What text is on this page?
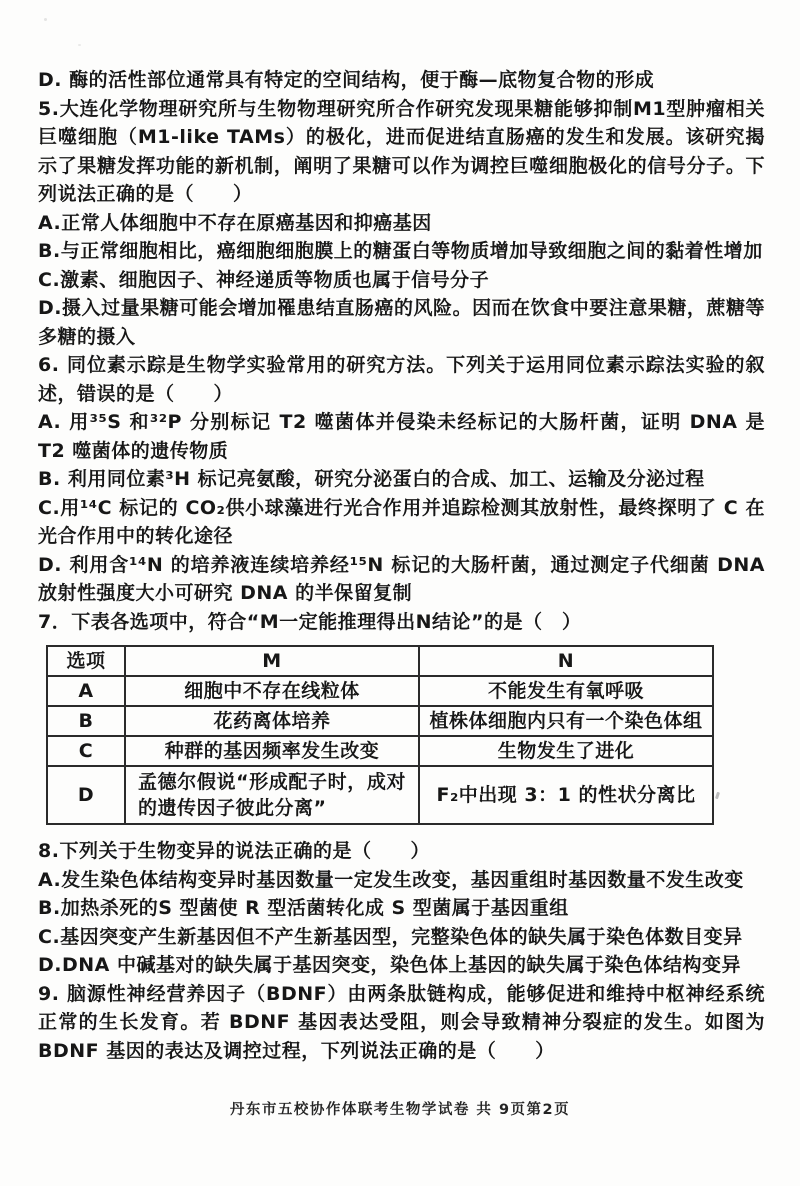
D. 酶的活性部位通常具有特定的空间结构，便于酶—底物复合物的形成

5.大连化学物理研究所与生物物理研究所合作研究发现果糖能够抑制M1型肿瘤相关巨噬细胞（M1-like TAMs）的极化，进而促进结直肠癌的发生和发展。该研究揭示了果糖发挥功能的新机制，阐明了果糖可以作为调控巨噬细胞极化的信号分子。下列说法正确的是（　　）

A.正常人体细胞中不存在原癌基因和抑癌基因

B.与正常细胞相比，癌细胞细胞膜上的糖蛋白等物质增加导致细胞之间的黏着性增加

C.激素、细胞因子、神经递质等物质也属于信号分子

D.摄入过量果糖可能会增加罹患结直肠癌的风险。因而在饮食中要注意果糖，蔗糖等多糖的摄入

6. 同位素示踪是生物学实验常用的研究方法。下列关于运用同位素示踪法实验的叙述，错误的是（　　）

A. 用³⁵S 和³²P 分别标记 T2 噬菌体并侵染未经标记的大肠杆菌，证明 DNA 是 T2 噬菌体的遗传物质

B. 利用同位素³H 标记亮氨酸，研究分泌蛋白的合成、加工、运输及分泌过程

C.用¹⁴C 标记的 CO₂供小球藻进行光合作用并追踪检测其放射性，最终探明了 C 在光合作用中的转化途径

D. 利用含¹⁴N 的培养液连续培养经¹⁵N 标记的大肠杆菌，通过测定子代细菌 DNA 放射性强度大小可研究 DNA 的半保留复制

7．下表各选项中，符合“M一定能推理得出N结论”的是（　）

选项	M	N
A	细胞中不存在线粒体	不能发生有氧呼吸
B	花药离体培养	植株体细胞内只有一个染色体组
C	种群的基因频率发生改变	生物发生了进化
D	孟德尔假说“形成配子时，成对的遗传因子彼此分离”	F₂中出现 3：1 的性状分离比

8.下列关于生物变异的说法正确的是（　　）

A.发生染色体结构变异时基因数量一定发生改变，基因重组时基因数量不发生改变

B.加热杀死的S 型菌使 R 型活菌转化成 S 型菌属于基因重组

C.基因突变产生新基因但不产生新基因型，完整染色体的缺失属于染色体数目变异

D.DNA 中碱基对的缺失属于基因突变，染色体上基因的缺失属于染色体结构变异

9. 脑源性神经营养因子（BDNF）由两条肽链构成，能够促进和维持中枢神经系统正常的生长发育。若 BDNF 基因表达受阻，则会导致精神分裂症的发生。如图为 BDNF 基因的表达及调控过程，下列说法正确的是（　　）

丹东市五校协作体联考生物学试卷 共 9页第2页
